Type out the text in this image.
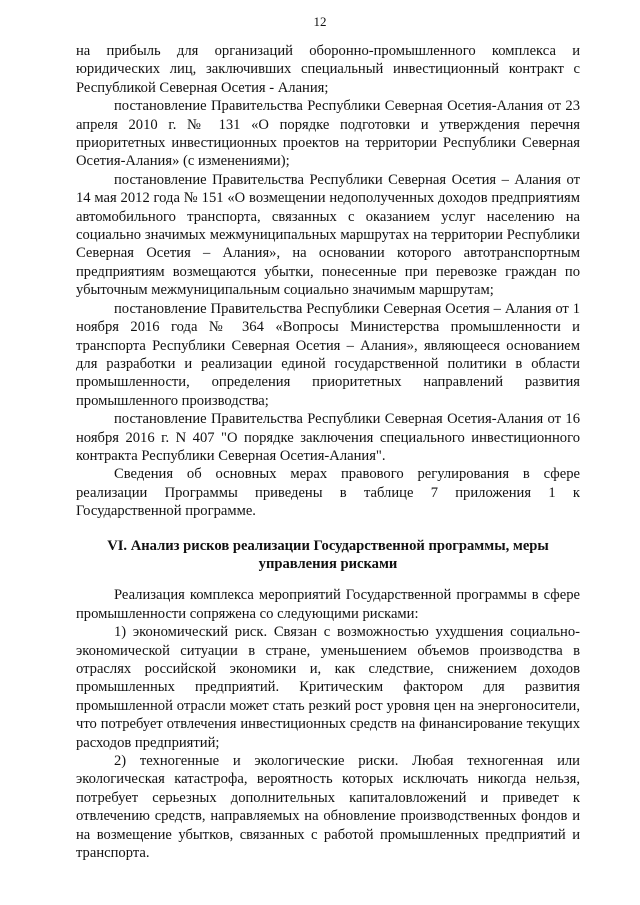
12

на прибыль для организаций оборонно-промышленного комплекса и юридических лиц, заключивших специальный инвестиционный контракт с Республикой Северная Осетия - Алания;

постановление Правительства Республики Северная Осетия-Алания от 23 апреля 2010 г. № 131 «О порядке подготовки и утверждения перечня приоритетных инвестиционных проектов на территории Республики Северная Осетия-Алания» (с изменениями);

постановление Правительства Республики Северная Осетия – Алания от 14 мая 2012 года № 151 «О возмещении недополученных доходов предприятиям автомобильного транспорта, связанных с оказанием услуг населению на социально значимых межмуниципальных маршрутах на территории Республики Северная Осетия – Алания», на основании которого автотранспортным предприятиям возмещаются убытки, понесенные при перевозке граждан по убыточным межмуниципальным социально значимым маршрутам;

постановление Правительства Республики Северная Осетия – Алания от 1 ноября 2016 года № 364 «Вопросы Министерства промышленности и транспорта Республики Северная Осетия – Алания», являющееся основанием для разработки и реализации единой государственной политики в области промышленности, определения приоритетных направлений развития промышленного производства;

постановление Правительства Республики Северная Осетия-Алания от 16 ноября 2016 г. N 407 "О порядке заключения специального инвестиционного контракта Республики Северная Осетия-Алания".

Сведения об основных мерах правового регулирования в сфере реализации Программы приведены в таблице 7 приложения 1 к Государственной программе.

VI. Анализ рисков реализации Государственной программы, меры управления рисками

Реализация комплекса мероприятий Государственной программы в сфере промышленности сопряжена со следующими рисками:

1) экономический риск. Связан с возможностью ухудшения социально-экономической ситуации в стране, уменьшением объемов производства в отраслях российской экономики и, как следствие, снижением доходов промышленных предприятий. Критическим фактором для развития промышленной отрасли может стать резкий рост уровня цен на энергоносители, что потребует отвлечения инвестиционных средств на финансирование текущих расходов предприятий;

2) техногенные и экологические риски. Любая техногенная или экологическая катастрофа, вероятность которых исключать никогда нельзя, потребует серьезных дополнительных капиталовложений и приведет к отвлечению средств, направляемых на обновление производственных фондов и на возмещение убытков, связанных с работой промышленных предприятий и транспорта.
